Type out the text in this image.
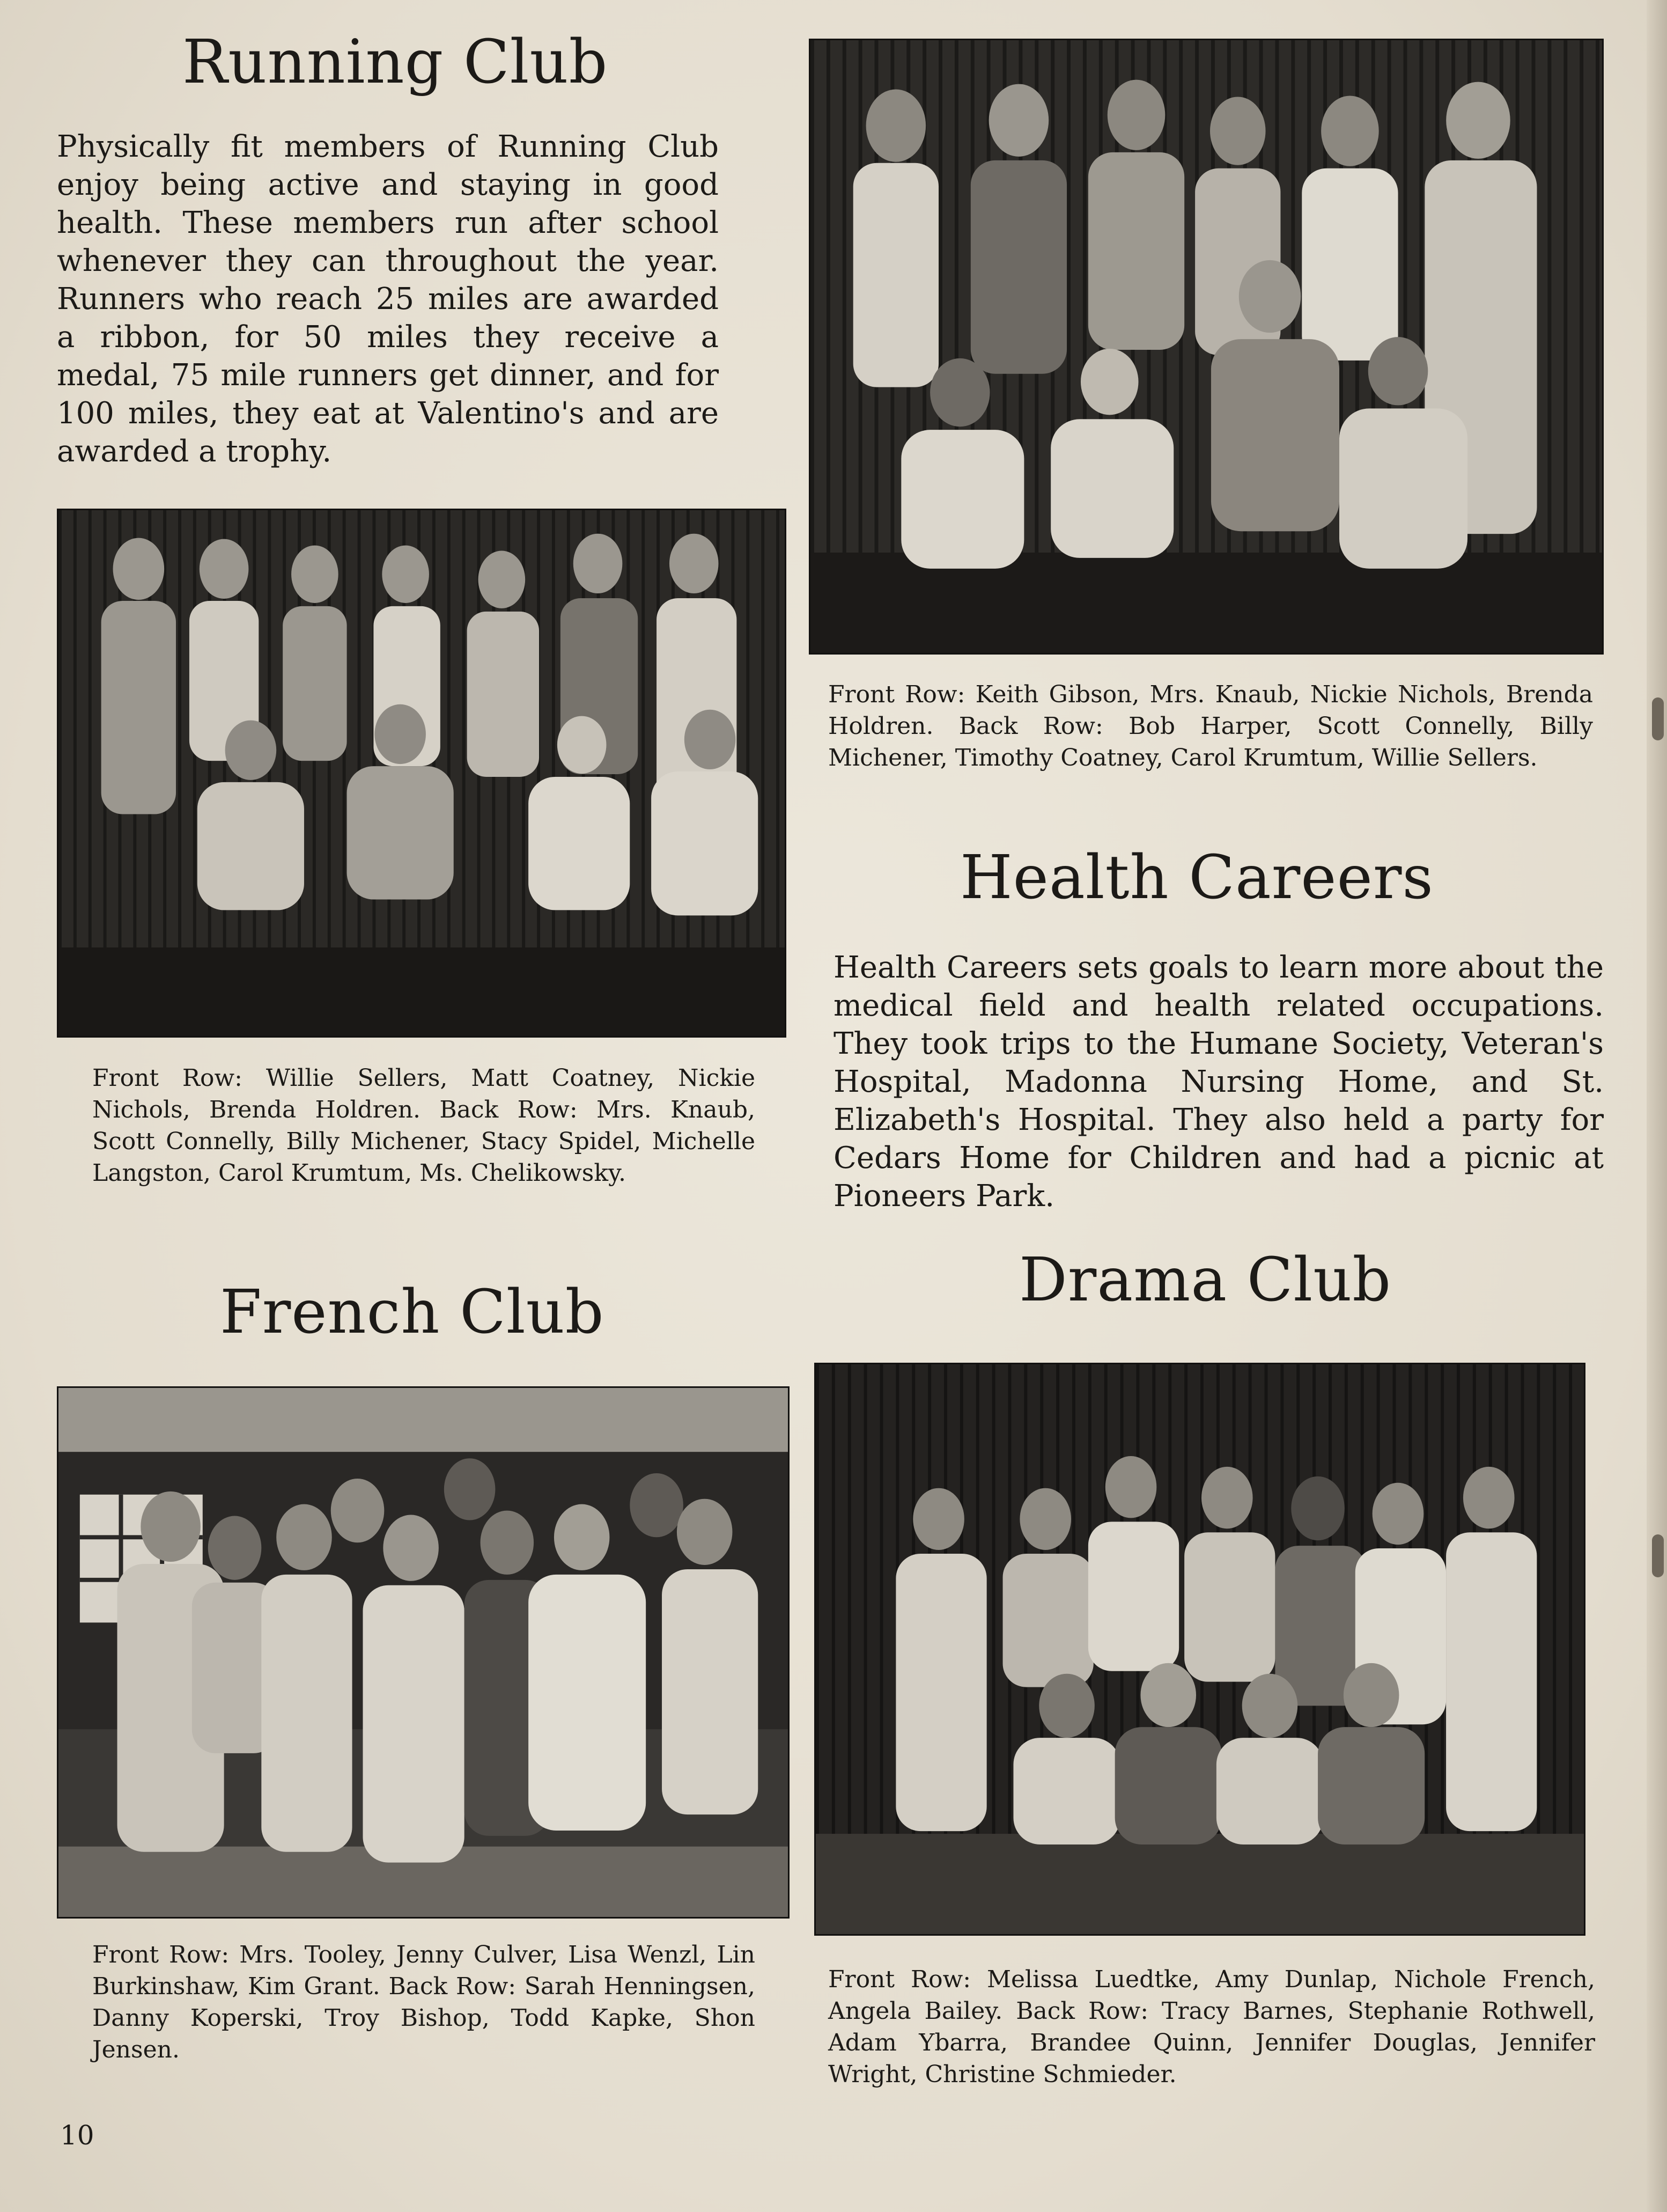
Running Club

Physically fit members of Running Club enjoy being active and staying in good health. These members run after school whenever they can throughout the year. Runners who reach 25 miles are awarded a ribbon, for 50 miles they receive a medal, 75 mile runners get dinner, and for 100 miles, they eat at Valentino's and are awarded a trophy.

Front Row: Willie Sellers, Matt Coatney, Nickie Nichols, Brenda Holdren. Back Row: Mrs. Knaub, Scott Connelly, Billy Michener, Stacy Spidel, Michelle Langston, Carol Krumtum, Ms. Chelikowsky.

Front Row: Keith Gibson, Mrs. Knaub, Nickie Nichols, Brenda Holdren. Back Row: Bob Harper, Scott Connelly, Billy Michener, Timothy Coatney, Carol Krumtum, Willie Sellers.

Health Careers

Health Careers sets goals to learn more about the medical field and health related occupations. They took trips to the Humane Society, Veteran's Hospital, Madonna Nursing Home, and St. Elizabeth's Hospital. They also held a party for Cedars Home for Children and had a picnic at Pioneers Park.

French Club

Front Row: Mrs. Tooley, Jenny Culver, Lisa Wenzl, Lin Burkinshaw, Kim Grant. Back Row: Sarah Henningsen, Danny Koperski, Troy Bishop, Todd Kapke, Shon Jensen.

Drama Club

Front Row: Melissa Luedtke, Amy Dunlap, Nichole French, Angela Bailey. Back Row: Tracy Barnes, Stephanie Rothwell, Adam Ybarra, Brandee Quinn, Jennifer Douglas, Jennifer Wright, Christine Schmieder.

10
